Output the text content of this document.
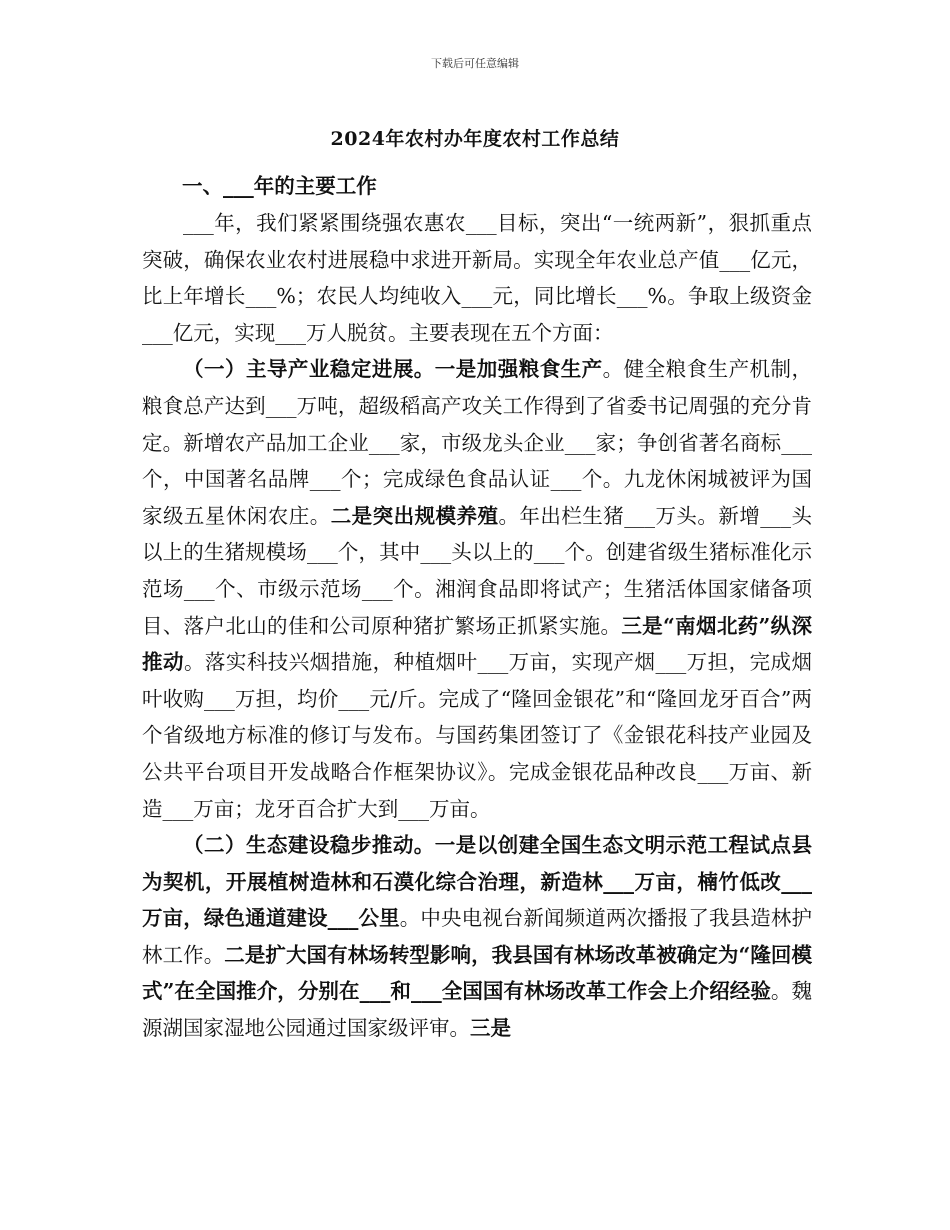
下载后可任意编辑
2024年农村办年度农村工作总结
一、___年的主要工作

___年，我们紧紧围绕强农惠农___目标，突出“一统两新”，狠抓重点突破，确保农业农村进展稳中求进开新局。实现全年农业总产值___亿元，比上年增长___%；农民人均纯收入___元，同比增长___%。争取上级资金___亿元，实现___万人脱贫。主要表现在五个方面：

（一）主导产业稳定进展。一是加强粮食生产。健全粮食生产机制，粮食总产达到___万吨，超级稻高产攻关工作得到了省委书记周强的充分肯定。新增农产品加工企业___家，市级龙头企业___家；争创省著名商标___个，中国著名品牌___个；完成绿色食品认证___个。九龙休闲城被评为国家级五星休闲农庄。二是突出规模养殖。年出栏生猪___万头。新增___头以上的生猪规模场___个，其中___头以上的___个。创建省级生猪标准化示范场___个、市级示范场___个。湘润食品即将试产；生猪活体国家储备项目、落户北山的佳和公司原种猪扩繁场正抓紧实施。三是“南烟北药”纵深推动。落实科技兴烟措施，种植烟叶___万亩，实现产烟___万担，完成烟叶收购___万担，均价___元/斤。完成了“隆回金银花”和“隆回龙牙百合”两个省级地方标准的修订与发布。与国药集团签订了《金银花科技产业园及公共平台项目开发战略合作框架协议》。完成金银花品种改良___万亩、新造___万亩；龙牙百合扩大到___万亩。

（二）生态建设稳步推动。一是以创建全国生态文明示范工程试点县为契机，开展植树造林和石漠化综合治理，新造林___万亩，楠竹低改___万亩，绿色通道建设___公里。中央电视台新闻频道两次播报了我县造林护林工作。二是扩大国有林场转型影响，我县国有林场改革被确定为“隆回模式”在全国推介，分别在___和___全国国有林场改革工作会上介绍经验。魏源湖国家湿地公园通过国家级评审。三是
